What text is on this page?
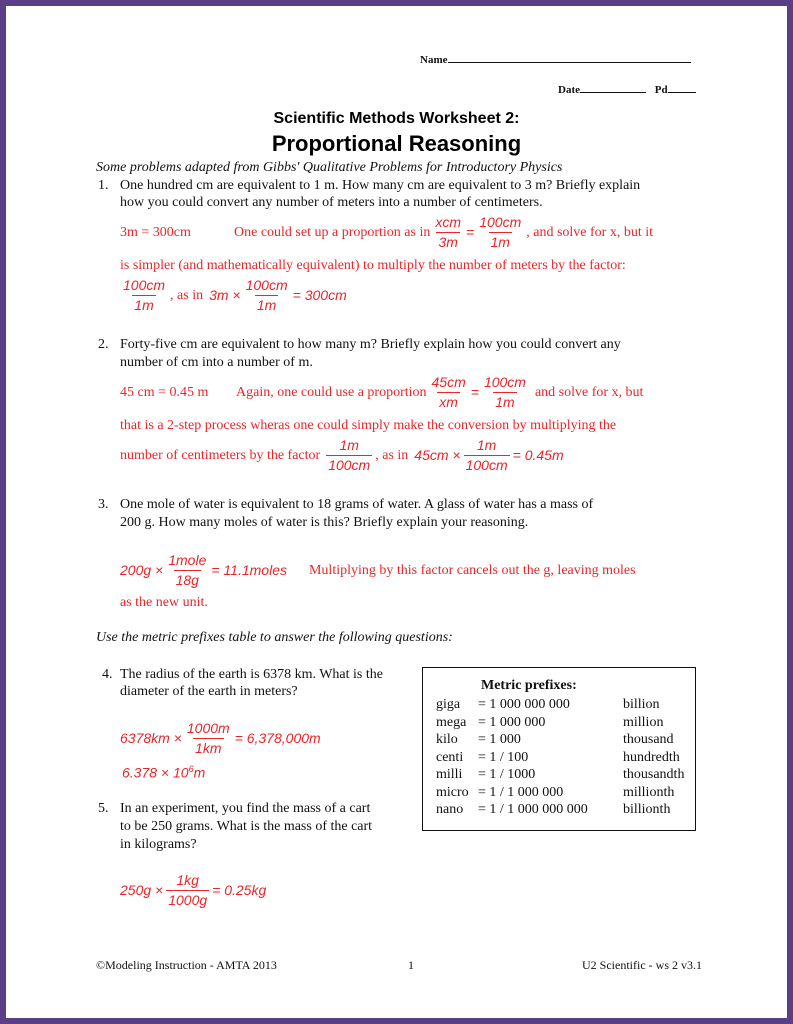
Name
Date	Pd
Scientific Methods Worksheet 2:
Proportional Reasoning
Some problems adapted from Gibbs' Qualitative Problems for Introductory Physics
1. One hundred cm are equivalent to 1 m. How many cm are equivalent to 3 m? Briefly explain
how you could convert any number of meters into a number of centimeters.
3m = 300cm	One could set up a proportion as in $\frac{\text{xcm}}{3m} = \frac{100cm}{1m}$ , and solve for x, but it
is simpler (and mathematically equivalent) to multiply the number of meters by the factor:
$\frac{100cm}{1m}$ , as in $3m \times \frac{100cm}{1m} = 300cm$
2. Forty-five cm are equivalent to how many m? Briefly explain how you could convert any
number of cm into a number of m.
45 cm = 0.45 m Again, one could use a proportion $\frac{45cm}{xm} = \frac{100cm}{1m}$ and solve for x, but
that is a 2-step process wheras one could simply make the conversion by multiplying the
number of centimeters by the factor $\frac{1m}{100cm}$ , as in $45cm \times \frac{1m}{100cm} = 0.45m$
3. One mole of water is equivalent to 18 grams of water. A glass of water has a mass of
200 g. How many moles of water is this? Briefly explain your reasoning.
$200g \times \frac{\text{1mole}}{18g}$ = 11.1moles Multiplying by this factor cancels out the g, leaving moles
as the new unit.
Use the metric prefixes table to answer the following questions:
4. The radius of the earth is 6378 km. What is the
diameter of the earth in meters?
$6378km \times \frac{1000m}{1km} = 6,378,000m$
$6.378 \times 10^6m$
5. In an experiment, you find the mass of a cart
to be 250 grams. What is the mass of the cart
in kilograms?
$250g \times \frac{1kg}{1000g} = 0.25kg$
Metric prefixes:
giga	= 1 000 000 000	billion
mega = 1 000 000	million
kilo	= 1 000	thousand
centi	= 1 / 100	hundredth
milli	= 1 / 1000	thousandth
micro = 1 / 1 000 000	millionth
nano	= 1 / 1 000 000 000	billionth
©Modeling Instruction - AMTA 2013	1	U2 Scientific - ws 2 v3.1
